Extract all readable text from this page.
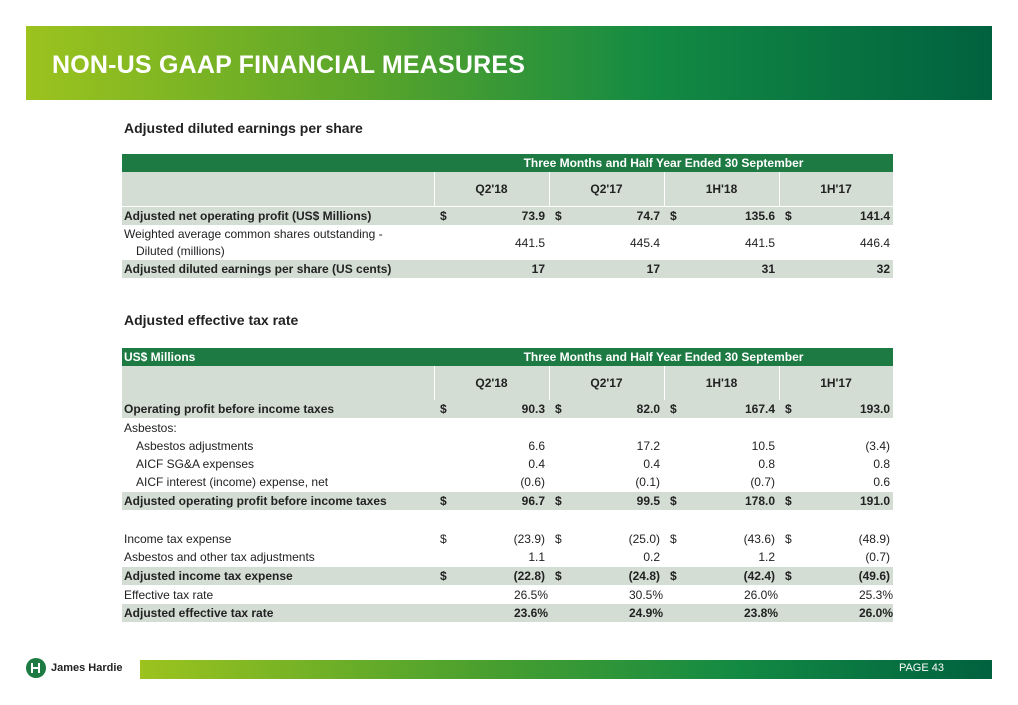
NON-US GAAP FINANCIAL MEASURES
Adjusted diluted earnings per share
Three Months and Half Year Ended 30 September
Q2'18	Q2'17	1H'18	1H'17
Adjusted net operating profit (US$ Millions)	$	73.9 $	74.7 $	135.6 $	141.4
Weighted average common shares outstanding -
Diluted (millions)
441.5	445.4	441.5	446.4
Adjusted diluted earnings per share (US cents)	17	17	31	32
Adjusted effective tax rate
US$ Millions	Three Months and Half Year Ended 30 September
Q2'18	Q2'17	1H'18	1H'17
Operating profit before income taxes	$	90.3 $	82.0 $	167.4 $	193.0
Asbestos:
Asbestos adjustments	6.6	17.2	10.5	(3.4)
AICF SG&A expenses	0.4	0.4	0.8	0.8
AICF interest (income) expense, net	(0.6)	(0.1)	(0.7)	0.6
Adjusted operating profit before income taxes	$	96.7 $	99.5 $	178.0 $	191.0
Income tax expense	$	(23.9) $	(25.0) $	(43.6) $	(48.9)
Asbestos and other tax adjustments	1.1	0.2	1.2	(0.7)
Adjusted income tax expense	$	(22.8) $	(24.8) $	(42.4) $	(49.6)
Effective tax rate	26.5%	30.5%	26.0%	25.3%
Adjusted effective tax rate	23.6%	24.9%	23.8%	26.0%
James Hardie	PAGE 43
